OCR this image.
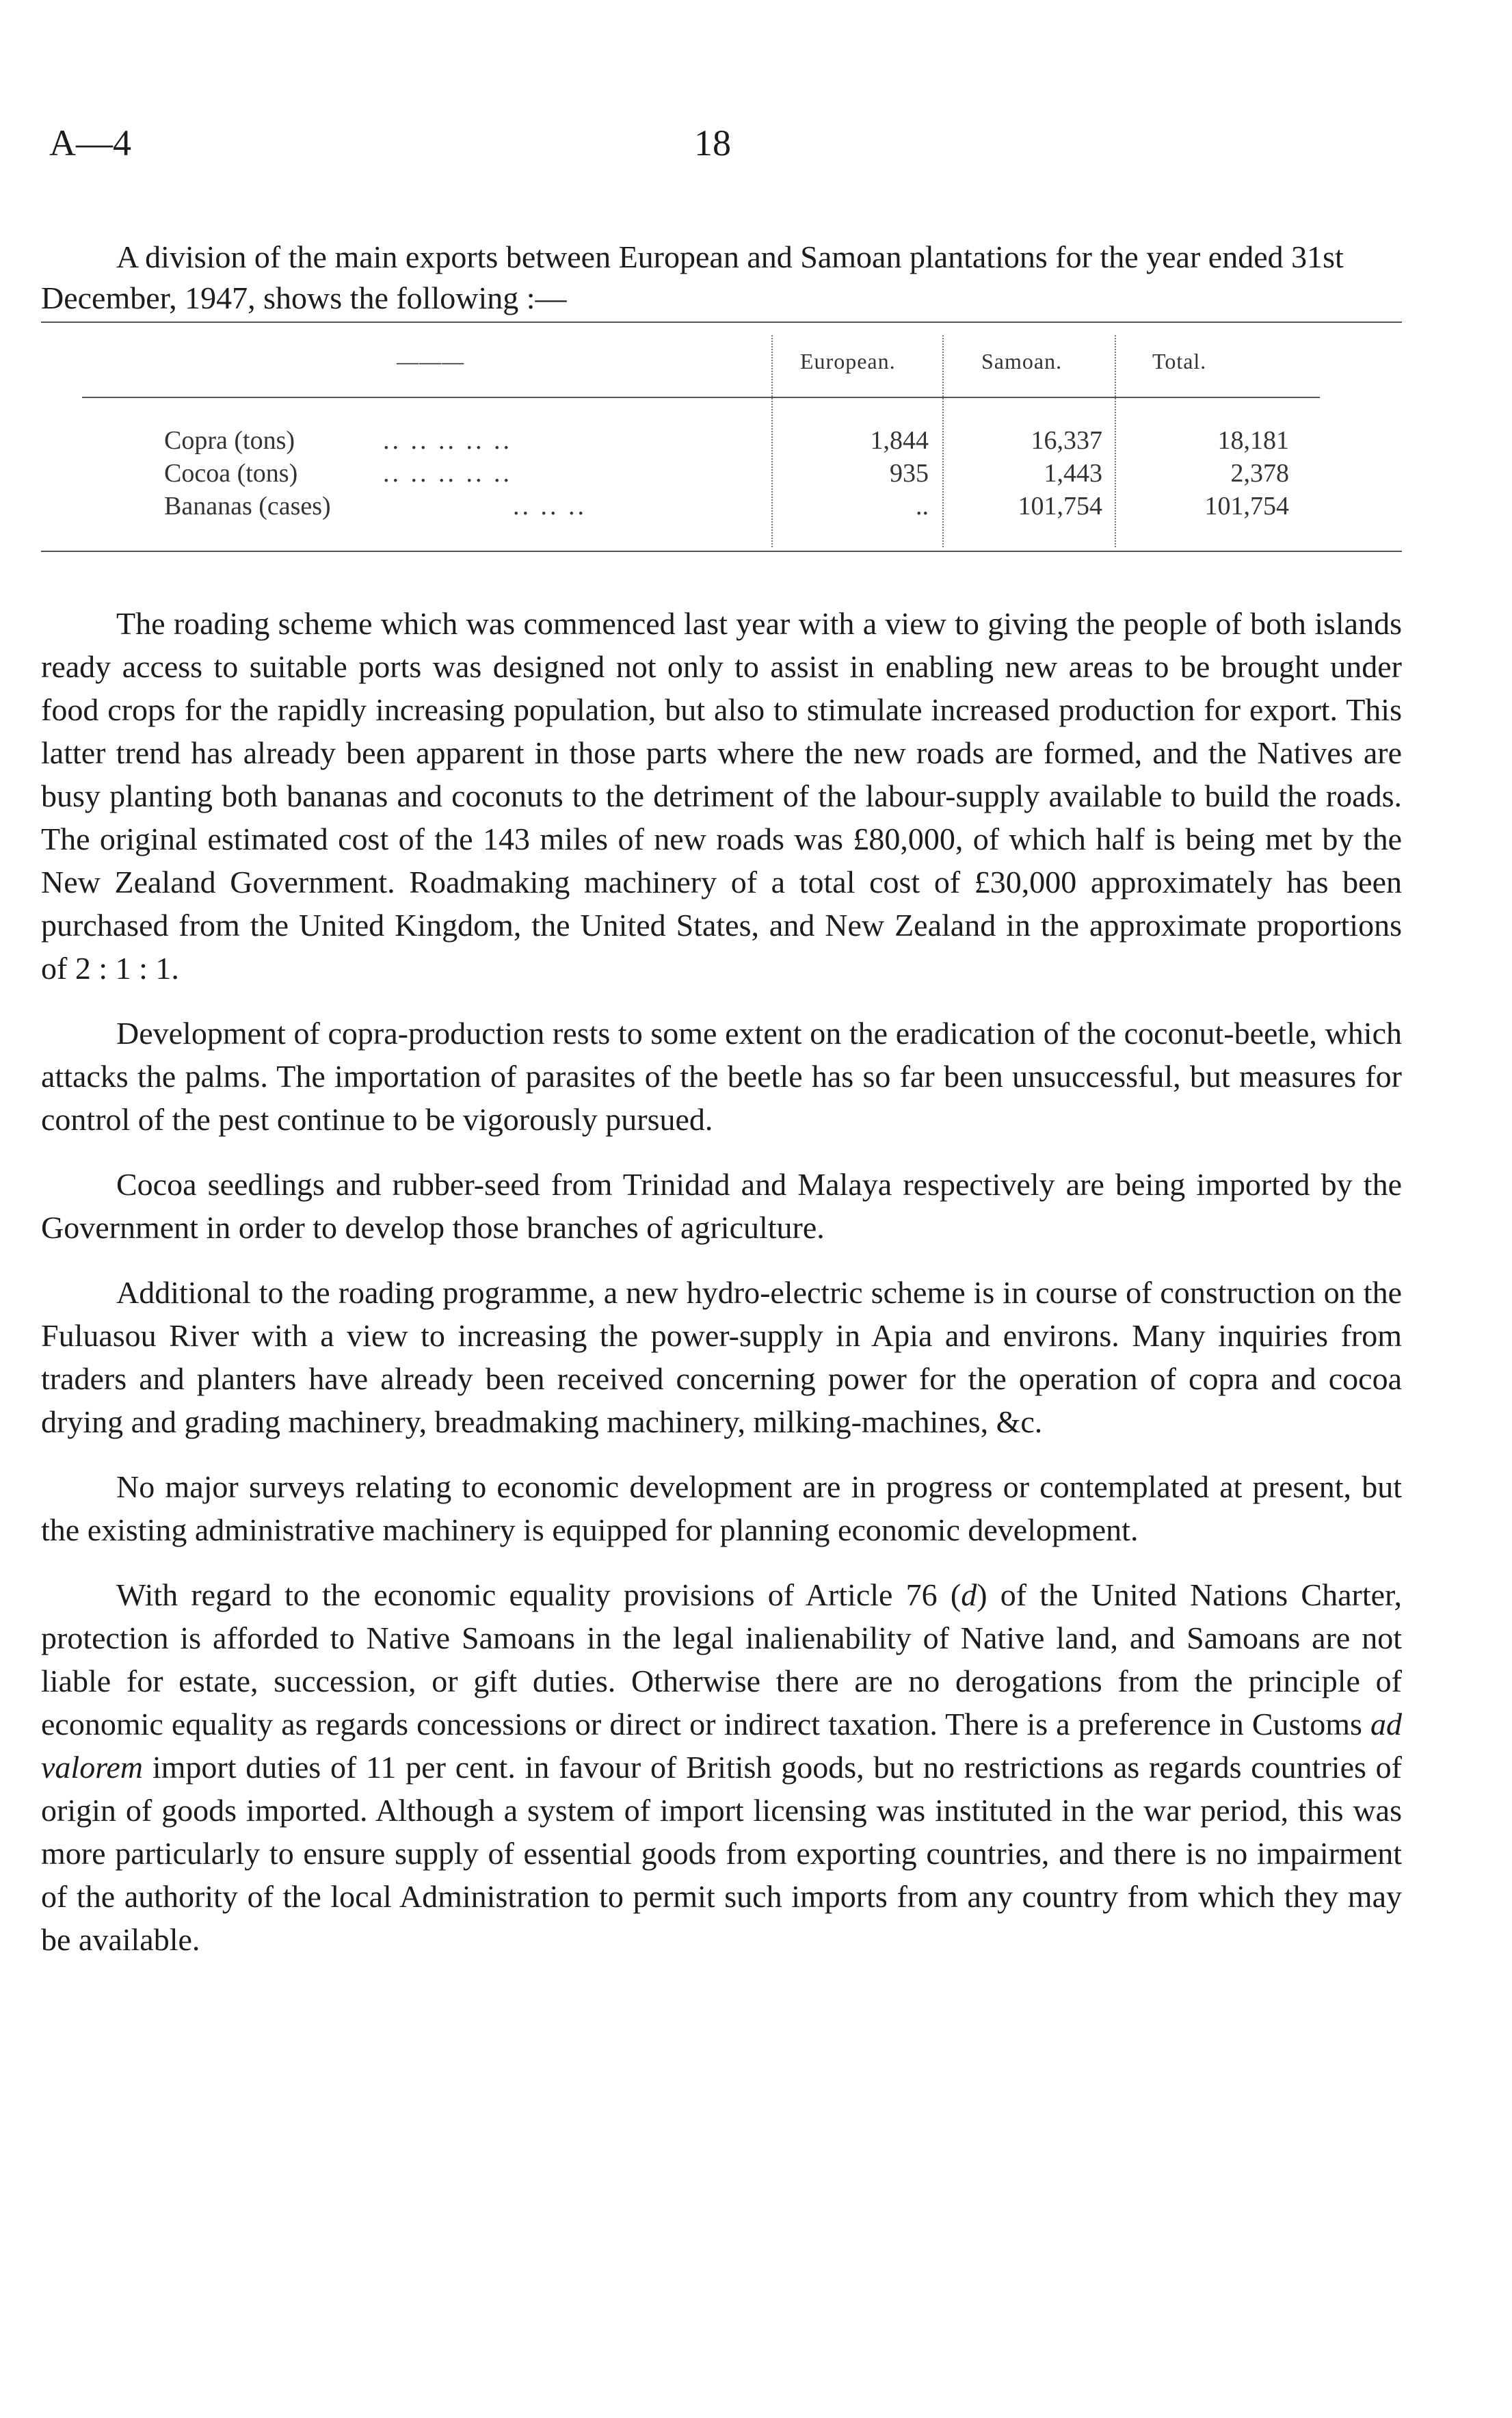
A—4	18

A division of the main exports between European and Samoan plantations for the year ended 31st December, 1947, shows the following :—

———	European.	Samoan.	Total.
Copra (tons)	.. .. .. .. ..	1,844	16,337	18,181
Cocoa (tons)	.. .. .. .. ..	935	1,443	2,378
Bananas (cases)	.. .. ..	..	101,754	101,754

The roading scheme which was commenced last year with a view to giving the people of both islands ready access to suitable ports was designed not only to assist in enabling new areas to be brought under food crops for the rapidly increasing population, but also to stimulate increased production for export. This latter trend has already been apparent in those parts where the new roads are formed, and the Natives are busy planting both bananas and coconuts to the detriment of the labour-supply available to build the roads. The original estimated cost of the 143 miles of new roads was £80,000, of which half is being met by the New Zealand Government. Roadmaking machinery of a total cost of £30,000 approximately has been purchased from the United Kingdom, the United States, and New Zealand in the approximate proportions of 2 : 1 : 1.

Development of copra-production rests to some extent on the eradication of the coconut-beetle, which attacks the palms. The importation of parasites of the beetle has so far been unsuccessful, but measures for control of the pest continue to be vigorously pursued.

Cocoa seedlings and rubber-seed from Trinidad and Malaya respectively are being imported by the Government in order to develop those branches of agriculture.

Additional to the roading programme, a new hydro-electric scheme is in course of construction on the Fuluasou River with a view to increasing the power-supply in Apia and environs. Many inquiries from traders and planters have already been received concerning power for the operation of copra and cocoa drying and grading machinery, breadmaking machinery, milking-machines, &c.

No major surveys relating to economic development are in progress or contemplated at present, but the existing administrative machinery is equipped for planning economic development.

With regard to the economic equality provisions of Article 76 (d) of the United Nations Charter, protection is afforded to Native Samoans in the legal inalienability of Native land, and Samoans are not liable for estate, succession, or gift duties. Otherwise there are no derogations from the principle of economic equality as regards concessions or direct or indirect taxation. There is a preference in Customs ad valorem import duties of 11 per cent. in favour of British goods, but no restrictions as regards countries of origin of goods imported. Although a system of import licensing was instituted in the war period, this was more particularly to ensure supply of essential goods from exporting countries, and there is no impairment of the authority of the local Administration to permit such imports from any country from which they may be available.
